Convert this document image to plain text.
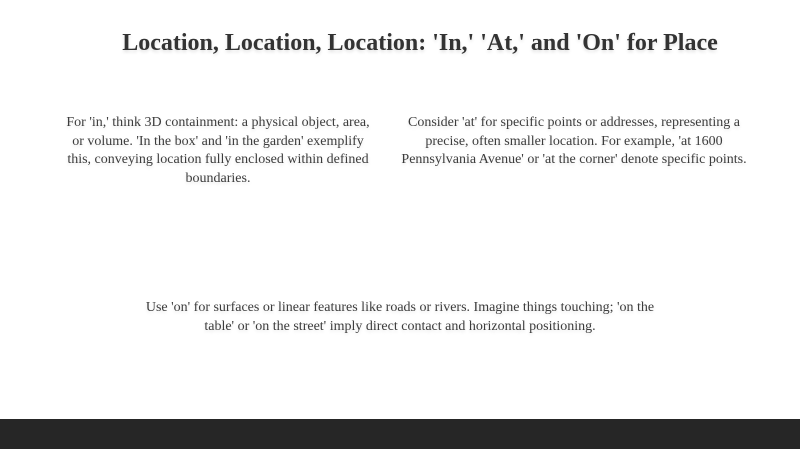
Location, Location, Location: 'In,' 'At,' and 'On' for Place

For 'in,' think 3D containment: a physical object, area, or volume. 'In the box' and 'in the garden' exemplify this, conveying location fully enclosed within defined boundaries.

Consider 'at' for specific points or addresses, representing a precise, often smaller location. For example, 'at 1600 Pennsylvania Avenue' or 'at the corner' denote specific points.

Use 'on' for surfaces or linear features like roads or rivers. Imagine things touching; 'on the table' or 'on the street' imply direct contact and horizontal positioning.
